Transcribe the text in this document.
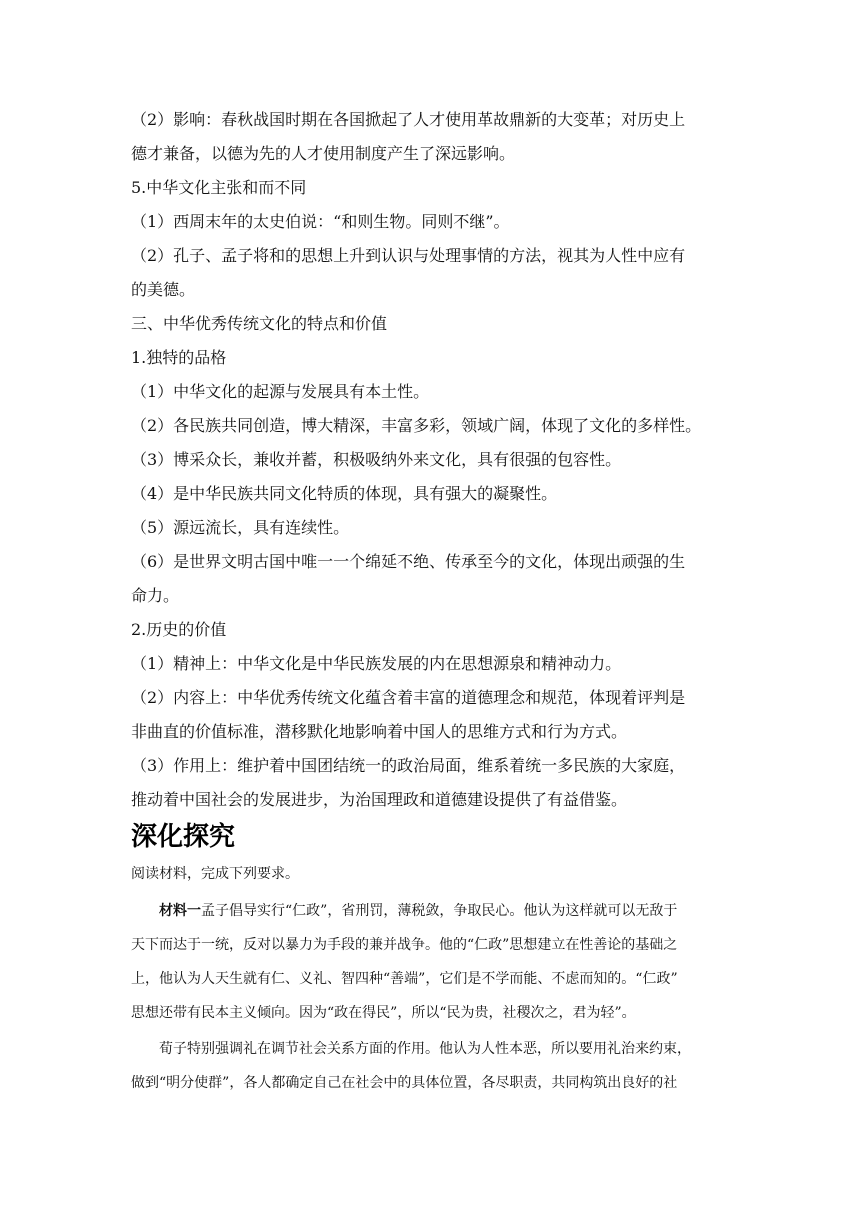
（2）影响：春秋战国时期在各国掀起了人才使用革故鼎新的大变革；对历史上

德才兼备，以德为先的人才使用制度产生了深远影响。

5.中华文化主张和而不同

（1）西周末年的太史伯说：“和则生物。同则不继”。

（2）孔子、孟子将和的思想上升到认识与处理事情的方法，视其为人性中应有

的美德。

三、中华优秀传统文化的特点和价值

1.独特的品格

（1）中华文化的起源与发展具有本土性。

（2）各民族共同创造，博大精深，丰富多彩，领域广阔，体现了文化的多样性。

（3）博采众长，兼收并蓄，积极吸纳外来文化，具有很强的包容性。

（4）是中华民族共同文化特质的体现，具有强大的凝聚性。

（5）源远流长，具有连续性。

（6）是世界文明古国中唯一一个绵延不绝、传承至今的文化，体现出顽强的生

命力。

2.历史的价值

（1）精神上：中华文化是中华民族发展的内在思想源泉和精神动力。

（2）内容上：中华优秀传统文化蕴含着丰富的道德理念和规范，体现着评判是

非曲直的价值标准，潜移默化地影响着中国人的思维方式和行为方式。

（3）作用上：维护着中国团结统一的政治局面，维系着统一多民族的大家庭，

推动着中国社会的发展进步，为治国理政和道德建设提供了有益借鉴。

深化探究

阅读材料，完成下列要求。

材料一孟子倡导实行“仁政”，省刑罚，薄税敛，争取民心。他认为这样就可以无敌于

天下而达于一统，反对以暴力为手段的兼并战争。他的“仁政”思想建立在性善论的基础之

上，他认为人天生就有仁、义礼、智四种“善端”，它们是不学而能、不虑而知的。“仁政”

思想还带有民本主义倾向。因为“政在得民”，所以“民为贵，社稷次之，君为轻”。

荀子特别强调礼在调节社会关系方面的作用。他认为人性本恶，所以要用礼治来约束，

做到“明分使群”，各人都确定自己在社会中的具体位置，各尽职责，共同构筑出良好的社
